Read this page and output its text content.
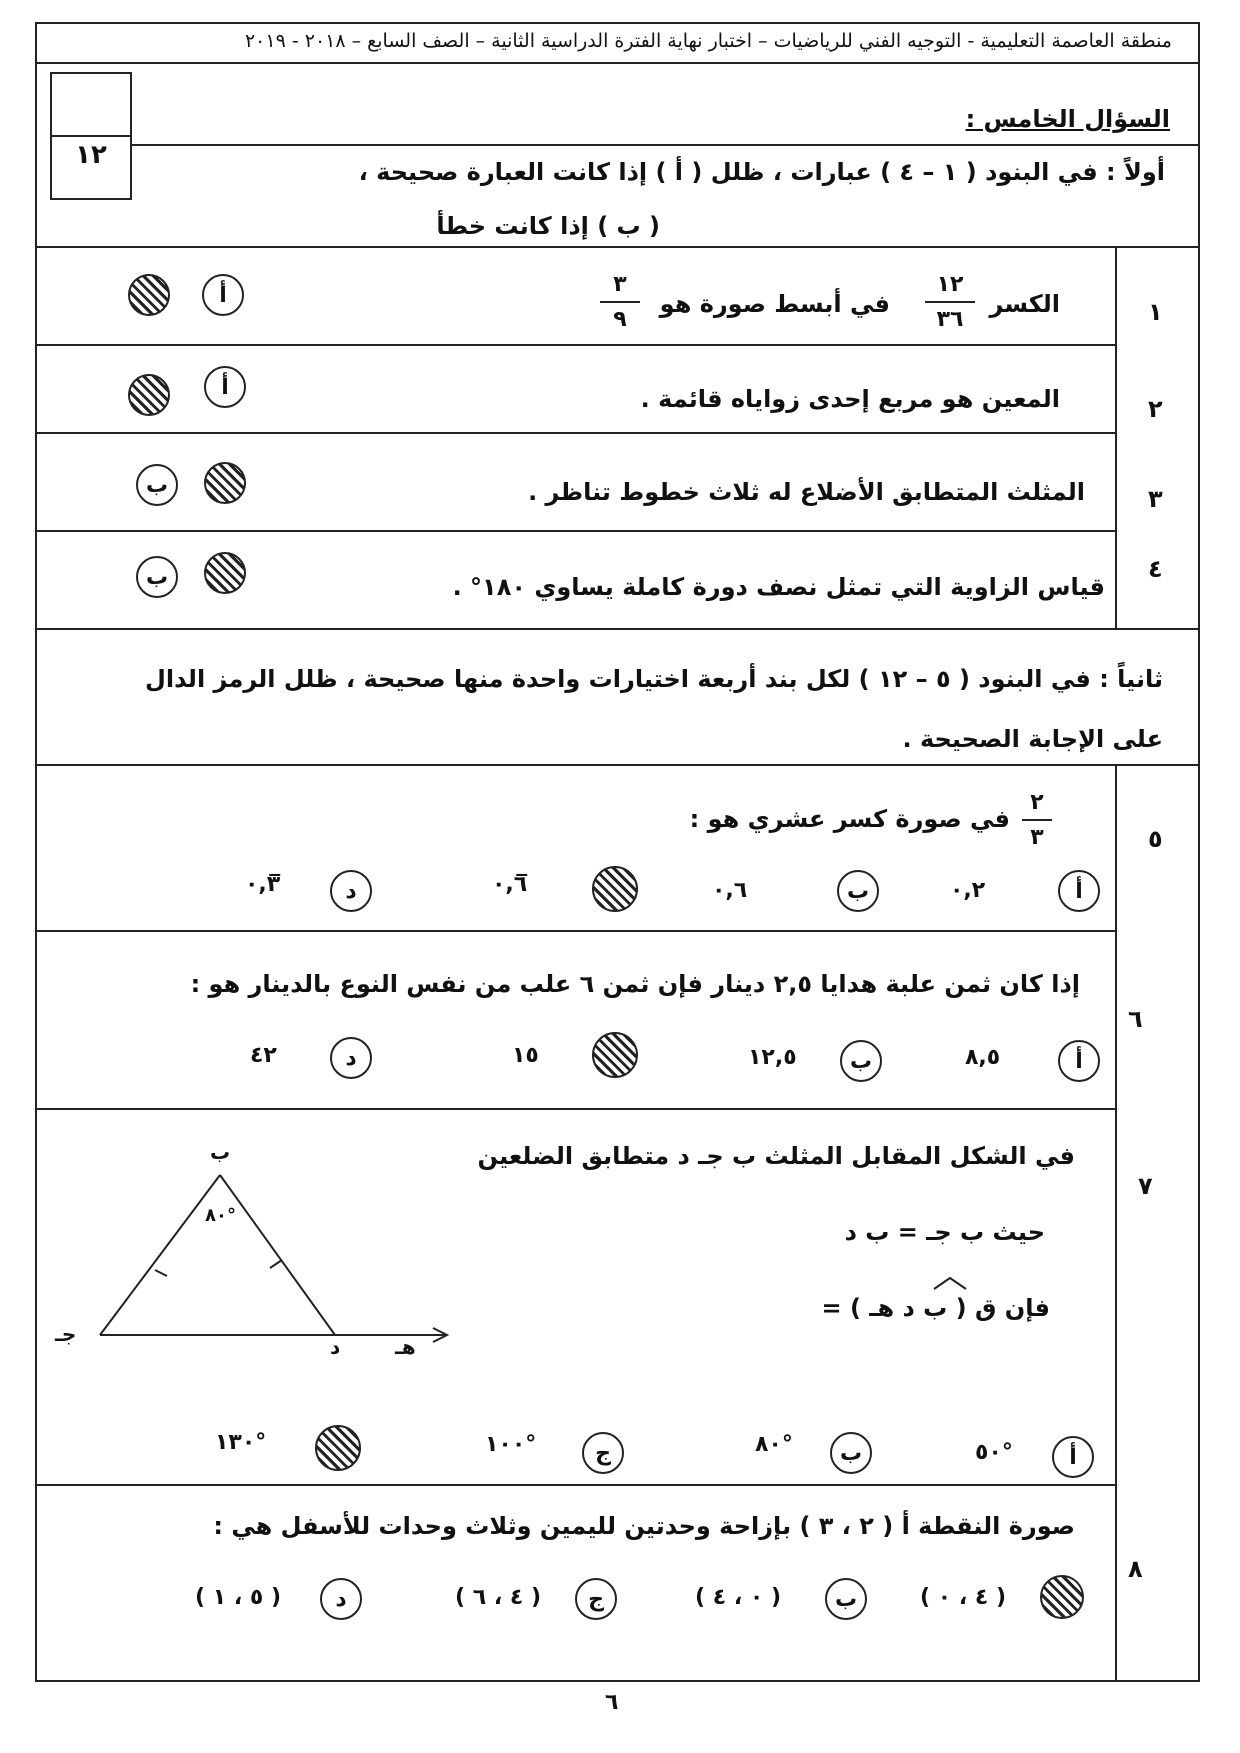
منطقة العاصمة التعليمية - التوجيه الفني للرياضيات – اختبار نهاية الفترة الدراسية الثانية – الصف السابع – ٢٠١٨ - ٢٠١٩
١٢
السؤال الخامس :
أولاً : في البنود ( ١ – ٤ ) عبارات ، ظلل ( أ ) إذا كانت العبارة صحيحة ،
( ب ) إذا كانت خطأ
١
الكسر
١٢
٣٦
في أبسط صورة هو
٣
٩
أ
٢
المعين هو مربع إحدى زواياه قائمة .
أ
٣
المثلث المتطابق الأضلاع له ثلاث خطوط تناظر .
ب
٤
قياس الزاوية التي تمثل نصف دورة كاملة يساوي ١٨٠° .
ب
ثانياً : في البنود ( ٥ – ١٢ ) لكل بند أربعة اختيارات واحدة منها صحيحة ، ظلل الرمز الدال
على الإجابة الصحيحة .
٥
٢
٣
في صورة كسر عشري هو :
أ
٠,٢
ب
٠,٦
٠,٦̅
د
٠,٣̅
٦
إذا كان ثمن علبة هدايا ٢,٥ دينار فإن ثمن ٦ علب من نفس النوع بالدينار هو :
أ
٨,٥
ب
١٢,٥
١٥
د
٤٢
٧
في الشكل المقابل المثلث ب جـ د متطابق الضلعين
حيث ب جـ = ب د
فإن ق ( ب د هـ ) =
ب
جـ
د	هـ
٨٠°
أ
٥٠°
ب
٨٠°
ج
١٠٠°
١٣٠°
٨
صورة النقطة أ ( ٢ ، ٣ ) بإزاحة وحدتين لليمين وثلاث وحدات للأسفل هي :
( ٤ ، ٠ )
ب
( ٠ ، ٤ )
ج
( ٤ ، ٦ )
د
( ٥ ، ١ )
٦
